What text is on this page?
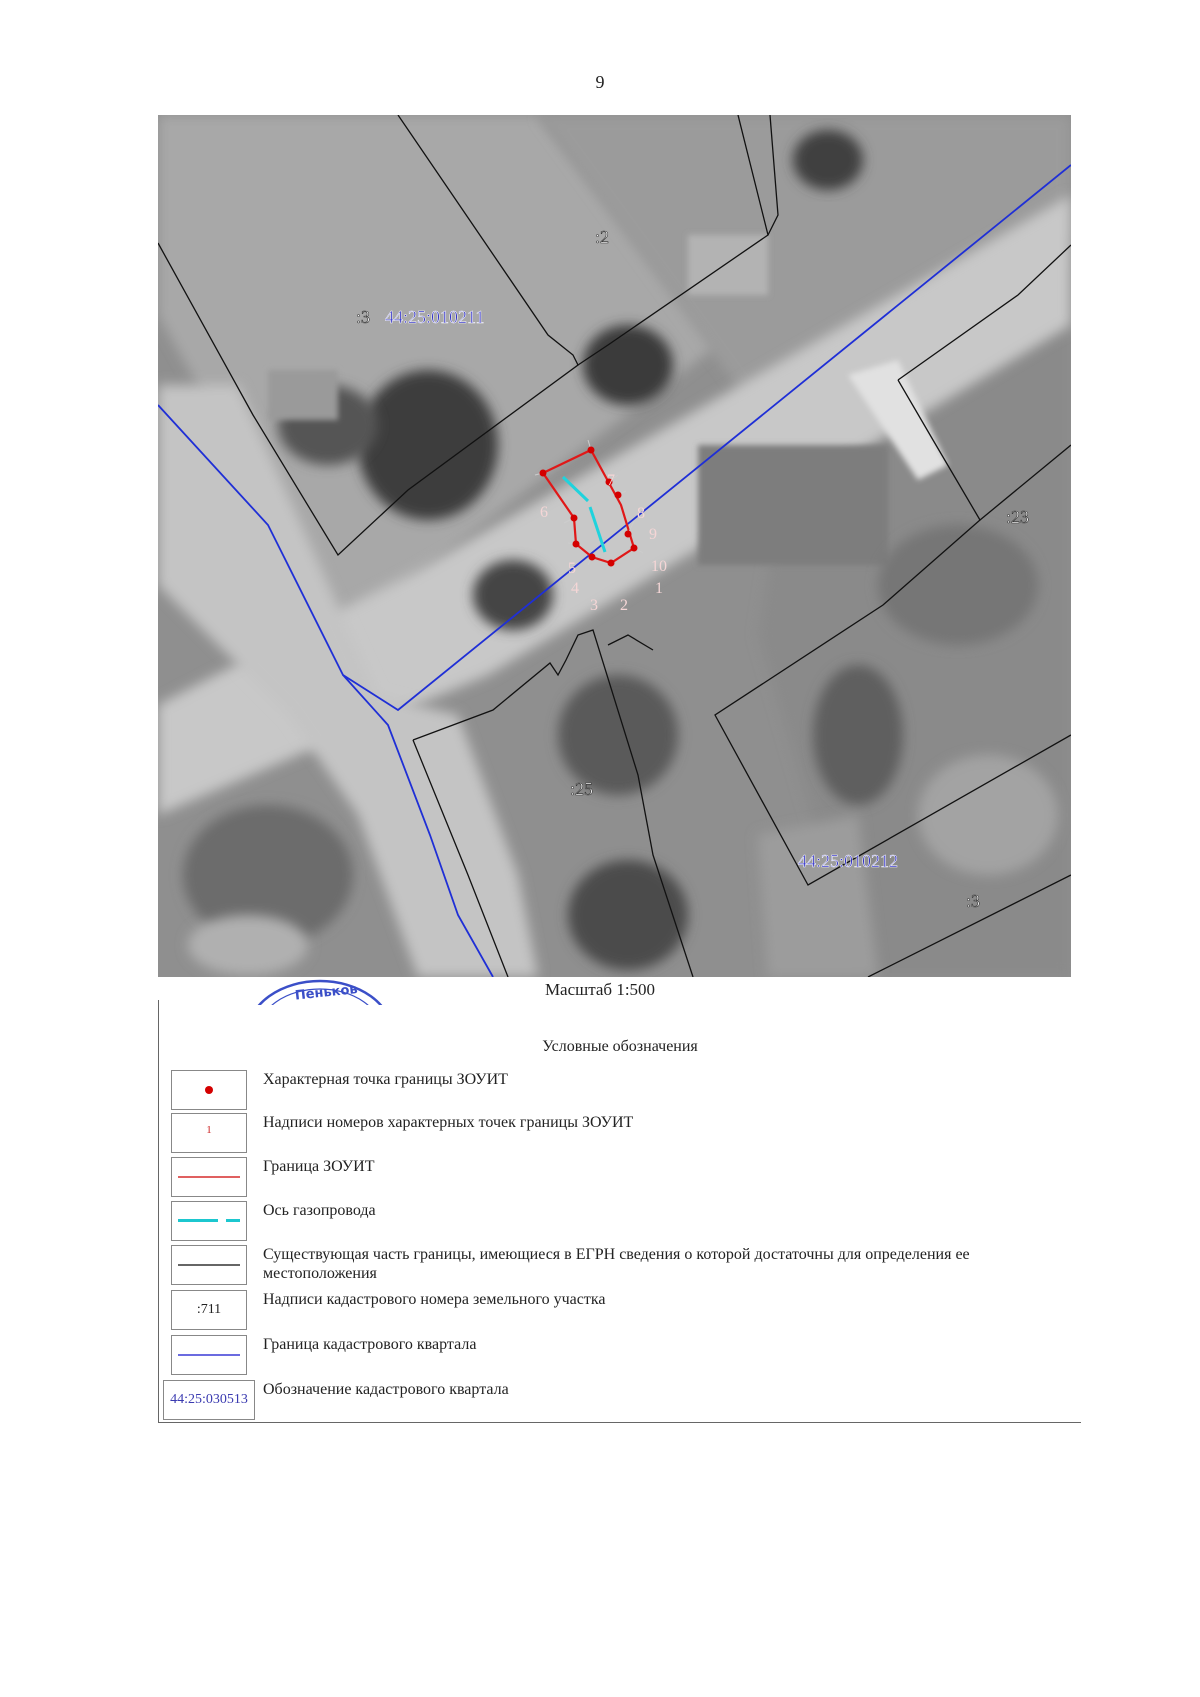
9
1
2
3
4
5
6
7
8
9
10
:2
:3
:23
:25
:3
44:25:010211
44:25:010212
Пеньков	Масштаб 1:500
Условные обозначения
Характерная точка границы ЗОУИТ
1	Надписи номеров характерных точек границы ЗОУИТ
Граница ЗОУИТ
Ось газопровода
Существующая часть границы, имеющиеся в ЕГРН сведения о которой достаточны для определения ее местоположения
:711
Надписи кадастрового номера земельного участка
Граница кадастрового квартала
44:25:030513
Обозначение кадастрового квартала
